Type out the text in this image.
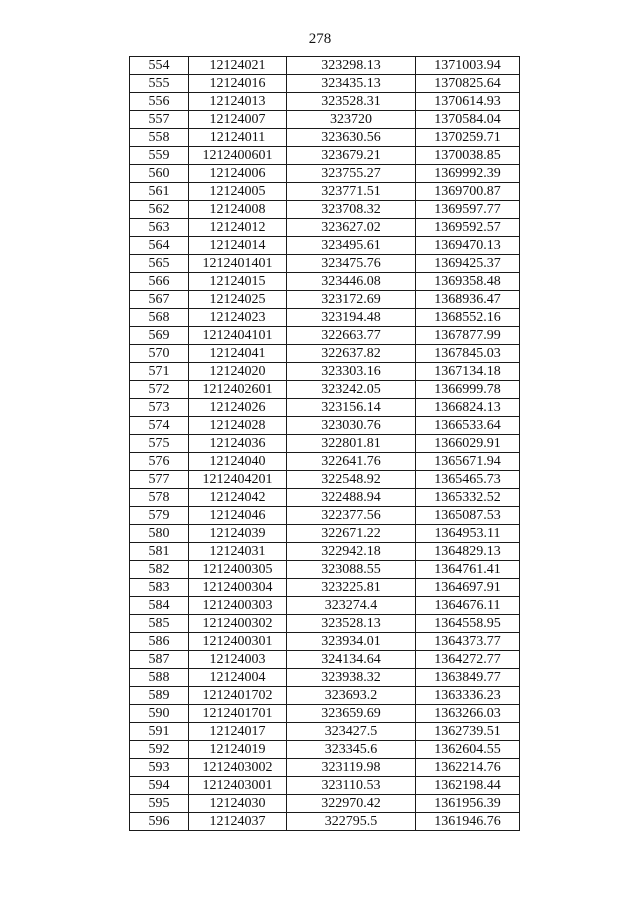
278
554	12124021	323298.13	1371003.94
555	12124016	323435.13	1370825.64
556	12124013	323528.31	1370614.93
557	12124007	323720	1370584.04
558	12124011	323630.56	1370259.71
559	1212400601	323679.21	1370038.85
560	12124006	323755.27	1369992.39
561	12124005	323771.51	1369700.87
562	12124008	323708.32	1369597.77
563	12124012	323627.02	1369592.57
564	12124014	323495.61	1369470.13
565	1212401401	323475.76	1369425.37
566	12124015	323446.08	1369358.48
567	12124025	323172.69	1368936.47
568	12124023	323194.48	1368552.16
569	1212404101	322663.77	1367877.99
570	12124041	322637.82	1367845.03
571	12124020	323303.16	1367134.18
572	1212402601	323242.05	1366999.78
573	12124026	323156.14	1366824.13
574	12124028	323030.76	1366533.64
575	12124036	322801.81	1366029.91
576	12124040	322641.76	1365671.94
577	1212404201	322548.92	1365465.73
578	12124042	322488.94	1365332.52
579	12124046	322377.56	1365087.53
580	12124039	322671.22	1364953.11
581	12124031	322942.18	1364829.13
582	1212400305	323088.55	1364761.41
583	1212400304	323225.81	1364697.91
584	1212400303	323274.4	1364676.11
585	1212400302	323528.13	1364558.95
586	1212400301	323934.01	1364373.77
587	12124003	324134.64	1364272.77
588	12124004	323938.32	1363849.77
589	1212401702	323693.2	1363336.23
590	1212401701	323659.69	1363266.03
591	12124017	323427.5	1362739.51
592	12124019	323345.6	1362604.55
593	1212403002	323119.98	1362214.76
594	1212403001	323110.53	1362198.44
595	12124030	322970.42	1361956.39
596	12124037	322795.5	1361946.76
